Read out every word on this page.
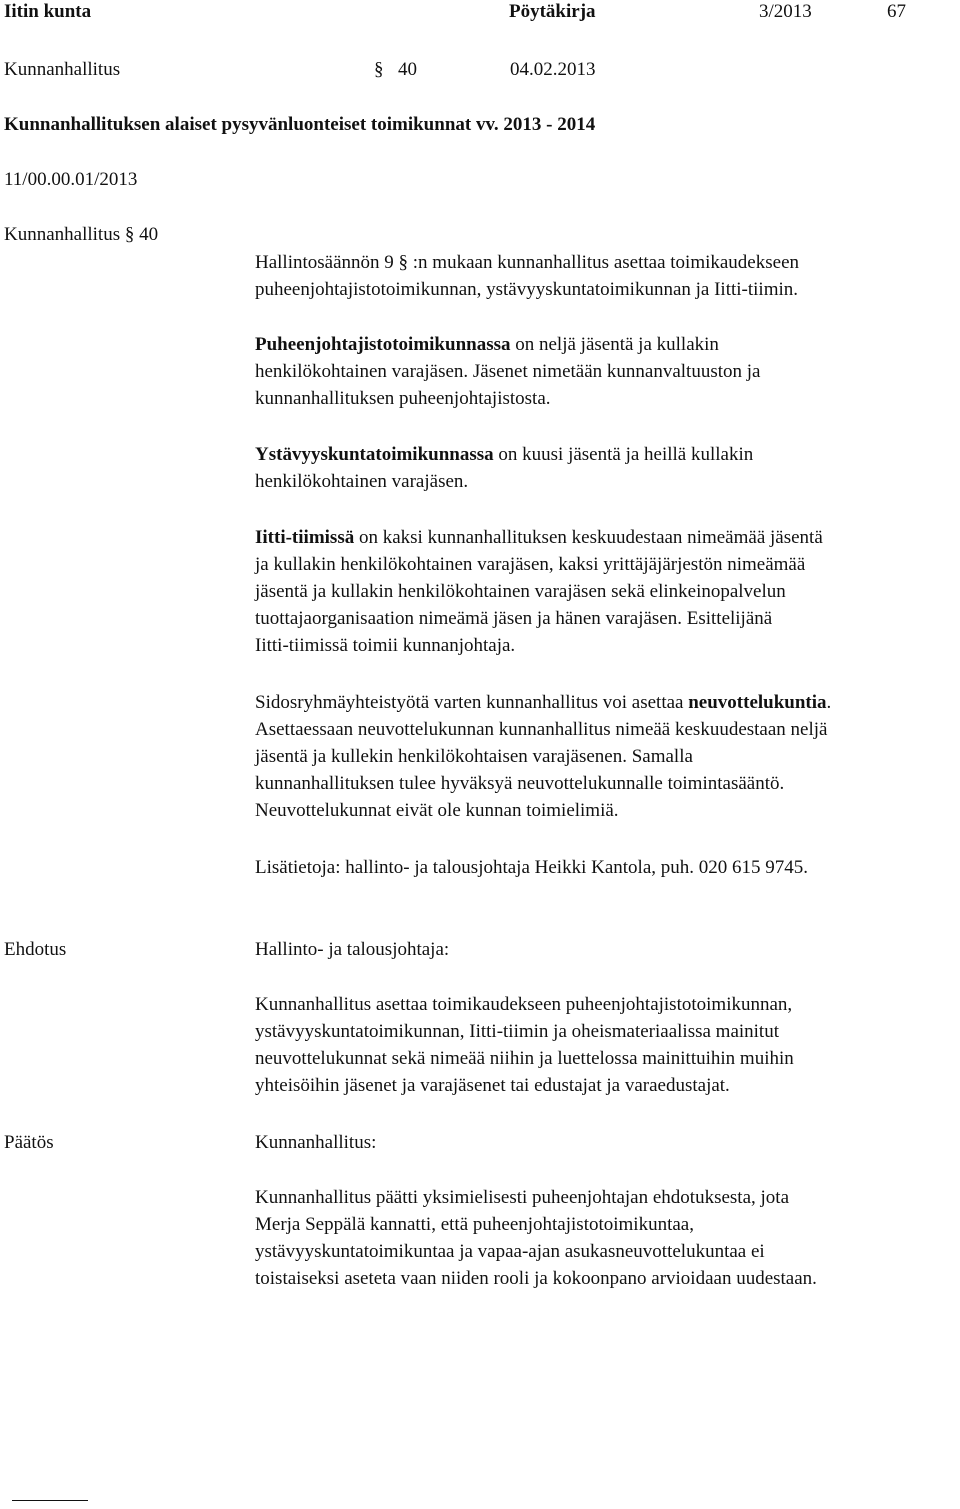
Iitin kunta	Pöytäkirja	3/2013	67
Kunnanhallitus	§ 40	04.02.2013
Kunnanhallituksen alaiset pysyvänluonteiset toimikunnat vv. 2013 - 2014
11/00.00.01/2013
Kunnanhallitus § 40
Hallintosäännön 9 § :n mukaan kunnanhallitus asettaa toimikaudekseen
puheenjohtajistotoimikunnan, ystävyyskuntatoimikunnan ja Iitti-tiimin.
Puheenjohtajistotoimikunnassa on neljä jäsentä ja kullakin
henkilökohtainen varajäsen. Jäsenet nimetään kunnanvaltuuston ja
kunnanhallituksen puheenjohtajistosta.
Ystävyyskuntatoimikunnassa on kuusi jäsentä ja heillä kullakin
henkilökohtainen varajäsen.
Iitti-tiimissä on kaksi kunnanhallituksen keskuudestaan nimeämää jäsentä
ja kullakin henkilökohtainen varajäsen, kaksi yrittäjäjärjestön nimeämää
jäsentä ja kullakin henkilökohtainen varajäsen sekä elinkeinopalvelun
tuottajaorganisaation nimeämä jäsen ja hänen varajäsen. Esittelijänä
Iitti-tiimissä toimii kunnanjohtaja.
Sidosryhmäyhteistyötä varten kunnanhallitus voi asettaa neuvottelukuntia.
Asettaessaan neuvottelukunnan kunnanhallitus nimeää keskuudestaan neljä
jäsentä ja kullekin henkilökohtaisen varajäsenen. Samalla
kunnanhallituksen tulee hyväksyä neuvottelukunnalle toimintasääntö.
Neuvottelukunnat eivät ole kunnan toimielimiä.
Lisätietoja: hallinto- ja talousjohtaja Heikki Kantola, puh. 020 615 9745.
Ehdotus	Hallinto- ja talousjohtaja:
Kunnanhallitus asettaa toimikaudekseen puheenjohtajistotoimikunnan,
ystävyyskuntatoimikunnan, Iitti-tiimin ja oheismateriaalissa mainitut
neuvottelukunnat sekä nimeää niihin ja luettelossa mainittuihin muihin
yhteisöihin jäsenet ja varajäsenet tai edustajat ja varaedustajat.
Päätös	Kunnanhallitus:
Kunnanhallitus päätti yksimielisesti puheenjohtajan ehdotuksesta, jota
Merja Seppälä kannatti, että puheenjohtajistotoimikuntaa,
ystävyyskuntatoimikuntaa ja vapaa-ajan asukasneuvottelukuntaa ei
toistaiseksi aseteta vaan niiden rooli ja kokoonpano arvioidaan uudestaan.
